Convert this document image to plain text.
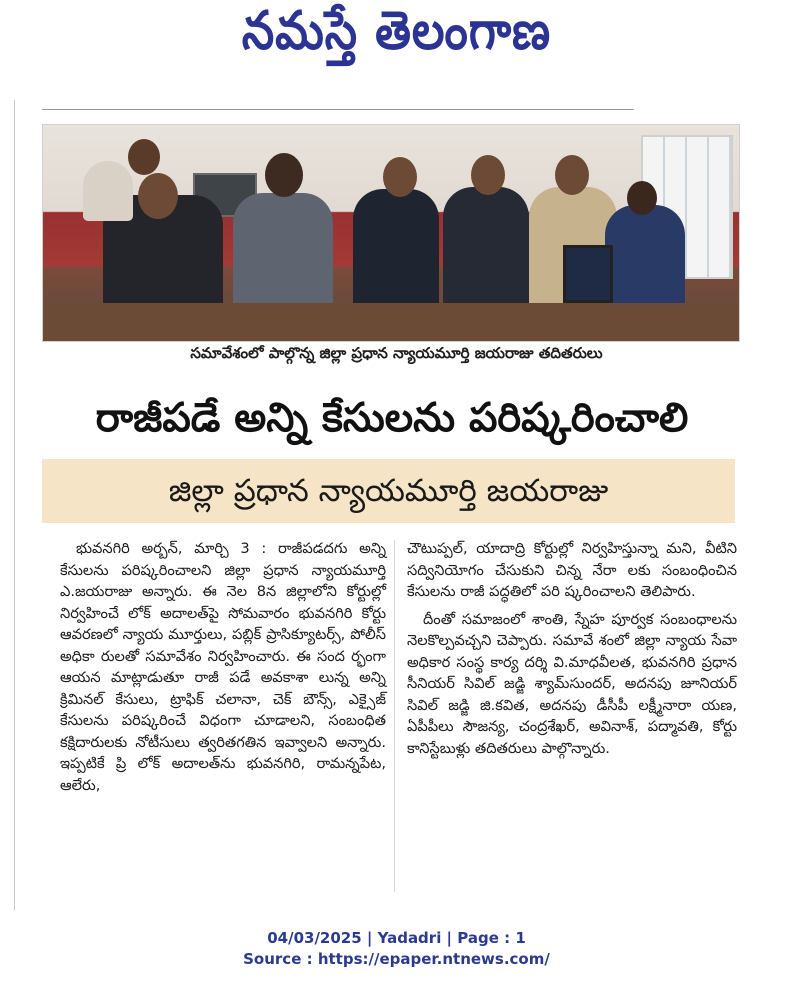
నమస్తే తెలంగాణ
సమావేశంలో పాల్గొన్న జిల్లా ప్రధాన న్యాయమూర్తి జయరాజు తదితరులు
రాజీపడే అన్ని కేసులను పరిష్కరించాలి
జిల్లా ప్రధాన న్యాయమూర్తి జయరాజు

భువనగిరి అర్బన్, మార్చి 3 : రాజీపడదగు అన్ని కేసులను పరిష్కరించాలని జిల్లా ప్రధాన న్యాయమూర్తి ఎ.జయరాజు అన్నారు. ఈ నెల 8న జిల్లాలోని కోర్టుల్లో నిర్వహించే లోక్ అదాలత్‌పై సోమవారం భువనగిరి కోర్టు ఆవరణలో న్యాయ మూర్తులు, పబ్లిక్ ప్రాసిక్యూటర్స్, పోలీస్ అధికా రులతో సమావేశం నిర్వహించారు. ఈ సంద ర్భంగా ఆయన మాట్లాడుతూ రాజీ పడే అవకాశా లున్న అన్ని క్రిమినల్ కేసులు, ట్రాఫిక్ చలానా, చెక్ బౌన్స్, ఎక్సైజ్ కేసులను పరిష్కరించే విధంగా చూడాలని, సంబంధిత కక్షిదారులకు నోటీసులు త్వరితగతిన ఇవ్వాలని అన్నారు. ఇప్పటికే ప్రి లోక్ అదాలత్‌ను భువనగిరి, రామన్నపేట, ఆలేరు,

చౌటుప్పల్, యాదాద్రి కోర్టుల్లో నిర్వహిస్తున్నా మని, వీటిని సద్వినియోగం చేసుకుని చిన్న నేరా లకు సంబంధించిన కేసులను రాజీ పద్ధతిలో పరి ష్కరించాలని తెలిపారు.

దీంతో సమాజంలో శాంతి, స్నేహ పూర్వక సంబంధాలను నెలకొల్పవచ్చని చెప్పారు. సమావే శంలో జిల్లా న్యాయ సేవా అధికార సంస్థ కార్య దర్శి వి.మాధవీలత, భువనగిరి ప్రధాన సీనియర్ సివిల్ జడ్జి శ్యామ్‌సుందర్, అదనపు జూనియర్ సివిల్ జడ్జి జి.కవిత, అదనపు డీసీపీ లక్ష్మీనారా యణ, ఏపీపీలు సౌజన్య, చంద్రశేఖర్, అవినాశ్, పద్మావతి, కోర్టు కానిస్టేబుళ్లు తదితరులు పాల్గొన్నారు.

04/03/2025 | Yadadri | Page : 1
Source : https://epaper.ntnews.com/
